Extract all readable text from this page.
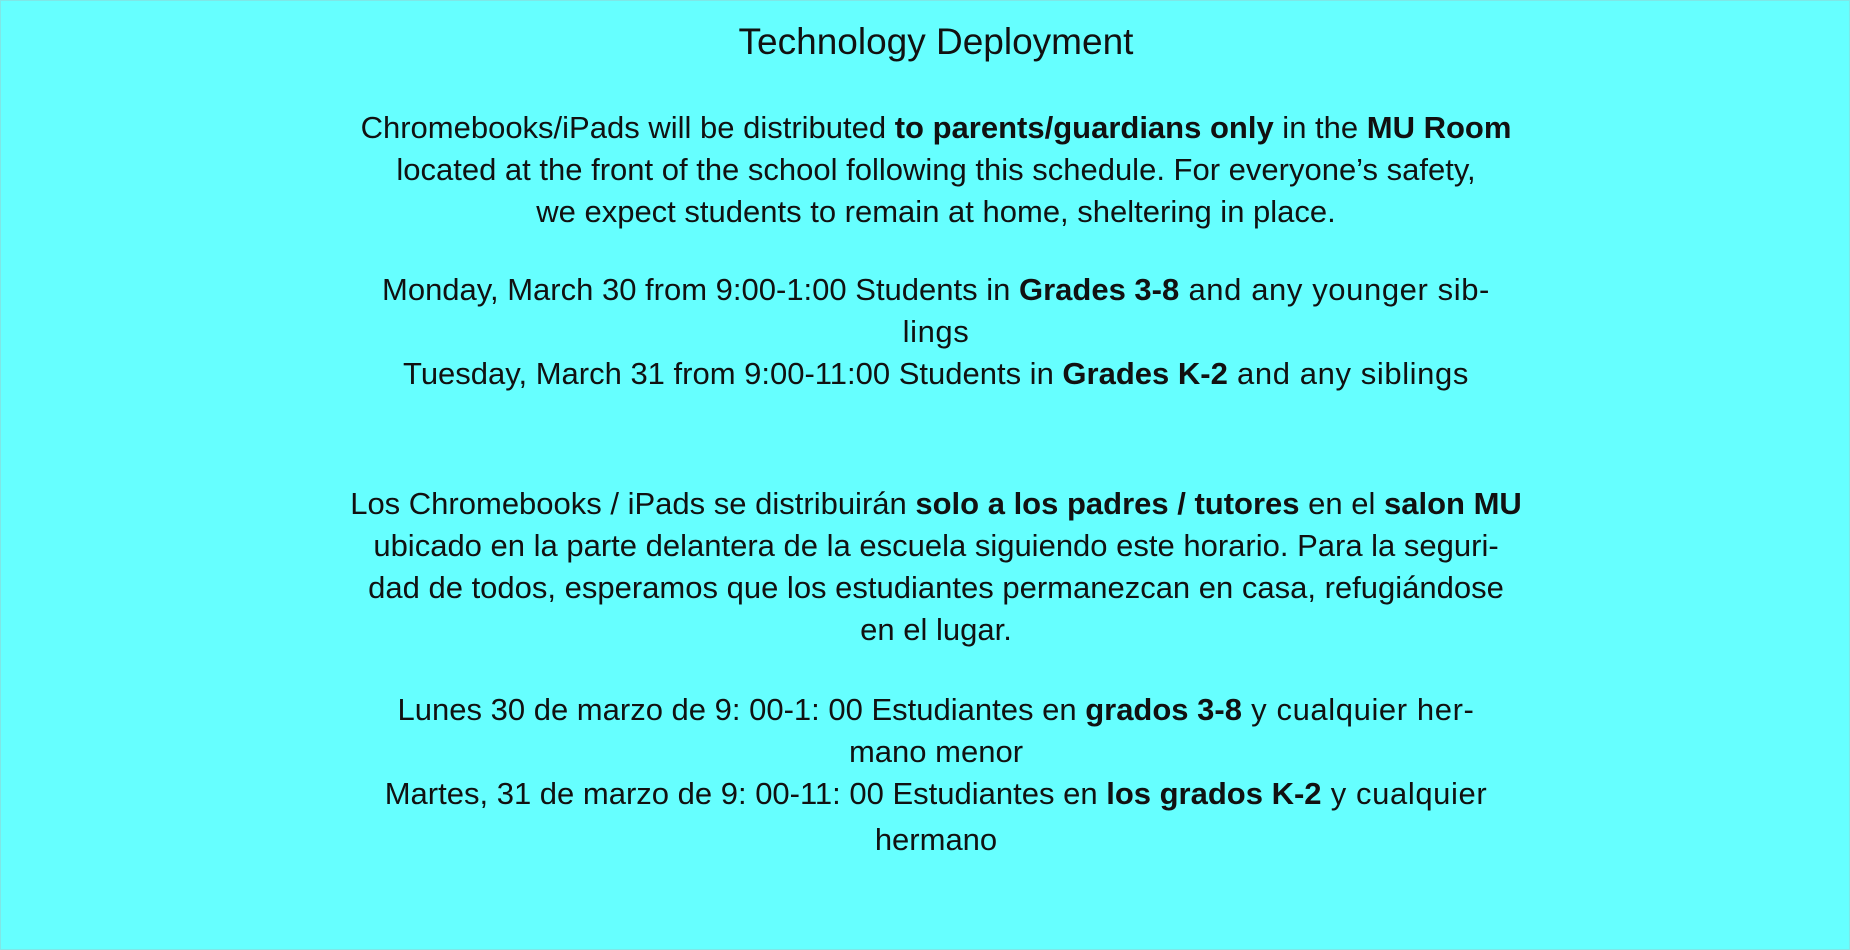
Technology Deployment
Chromebooks/iPads will be distributed to parents/guardians only in the MU Room
located at the front of the school following this schedule. For everyone’s safety,
we expect students to remain at home, sheltering in place.
Monday, March 30 from 9:00-1:00 Students in Grades 3-8 and any younger sib-
lings
Tuesday, March 31 from 9:00-11:00 Students in Grades K-2 and any siblings
Los Chromebooks / iPads se distribuirán solo a los padres / tutores en el salon MU
ubicado en la parte delantera de la escuela siguiendo este horario. Para la seguri-
dad de todos, esperamos que los estudiantes permanezcan en casa, refugiándose
en el lugar.
Lunes 30 de marzo de 9: 00-1: 00 Estudiantes en grados 3-8 y cualquier her-
mano menor
Martes, 31 de marzo de 9: 00-11: 00 Estudiantes en los grados K-2 y cualquier
hermano
